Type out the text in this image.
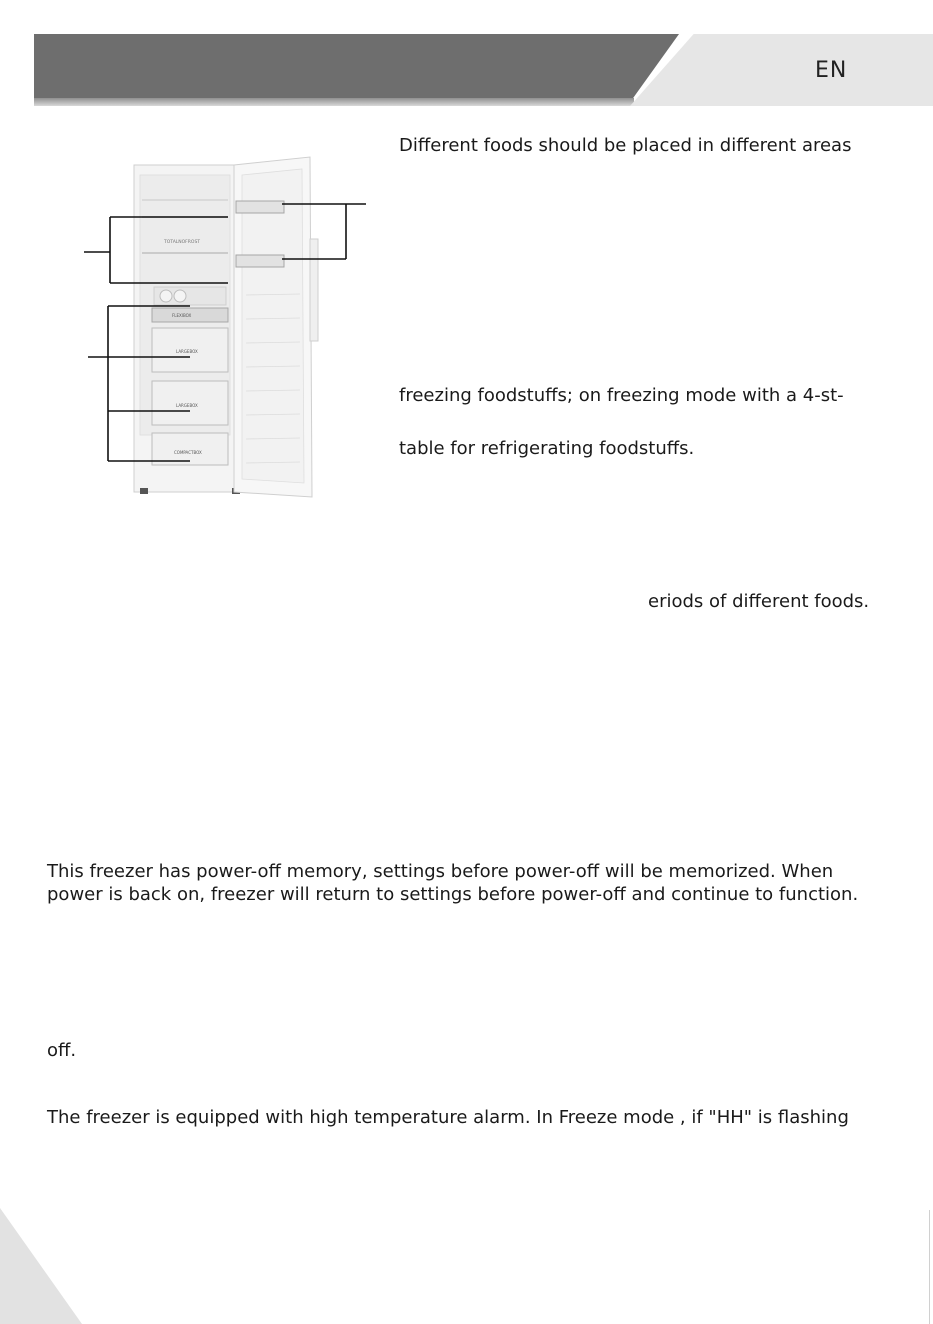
EN
TOTALNOFROST
FLEXIBOX
LARGEBOX
LARGEBOX
COMPACTBOX
Different foods should be placed in different areas
freezing foodstuffs; on freezing mode with a 4-st-
table for refrigerating foodstuffs.
eriods of different foods.
This freezer has power-off memory, settings before power-off will be memorized. When
power is back on, freezer will return to settings before power-off and continue to function.
off.
The freezer is equipped with high temperature alarm. In Freeze mode , if "HH" is flashing
